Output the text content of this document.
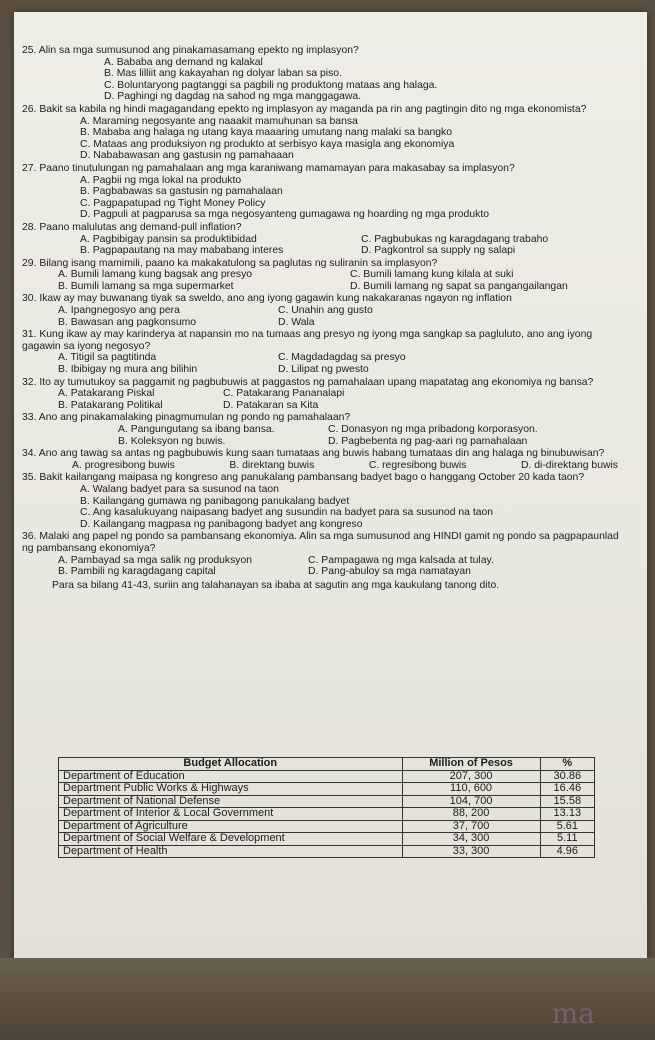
ma
25. Alin sa mga sumusunod ang pinakamasamang epekto ng implasyon?
A. Bababa ang demand ng kalakal
B. Mas lilliit ang kakayahan ng dolyar laban sa piso.
C. Boluntaryong pagtanggi sa pagbili ng produktong mataas ang halaga.
D. Paghingi ng dagdag na sahod ng mga manggagawa.
26. Bakit sa kabila ng hindi magagandang epekto ng implasyon ay maganda pa rin ang pagtingin dito ng mga ekonomista?
A. Maraming negosyante ang naaakit mamuhunan sa bansa
B. Mababa ang halaga ng utang kaya maaaring umutang nang malaki sa bangko
C. Mataas ang produksiyon ng produkto at serbisyo kaya masigla ang ekonomiya
D. Nababawasan ang gastusin ng pamahaaan
27. Paano tinutulungan ng pamahalaan ang mga karaniwang mamamayan para makasabay sa implasyon?
A. Pagbii ng mga lokal na produkto
B. Pagbabawas sa gastusin ng pamahalaan
C. Pagpapatupad ng Tight Money Policy
D. Pagpuli at pagparusa sa mga negosyanteng gumagawa ng hoarding ng mga produkto
28. Paano malulutas ang demand-pull inflation?
A. Pagbibigay pansin sa produktibidad	C. Pagbubukas ng karagdagang trabaho
B. Pagpapautang na may mababang interes	D. Pagkontrol sa supply ng salapi
29. Bilang isang mamimili, paano ka makakatulong sa paglutas ng suliranin sa implasyon?
A. Bumili lamang kung bagsak ang presyo	C. Bumili lamang kung kilala at suki
B. Bumili lamang sa mga supermarket	D. Bumili lamang ng sapat sa pangangailangan
30. Ikaw ay may buwanang tiyak sa sweldo, ano ang iyong gagawin kung nakakaranas ngayon ng inflation
A. Ipangnegosyo ang pera	C. Unahin ang gusto
B. Bawasan ang pagkonsumo	D. Wala
31. Kung ikaw ay may karinderya at napansin mo na tumaas ang presyo ng iyong mga sangkap sa pagluluto, ano ang iyong gagawin sa iyong negosyo?
A. Titigil sa pagtitinda	C. Magdadagdag sa presyo
B. Ibibigay ng mura ang bilihin	D. Lilipat ng pwesto
32. Ito ay tumutukoy sa paggamit ng pagbubuwis at paggastos ng pamahalaan upang mapatatag ang ekonomiya ng bansa?
A. Patakarang Piskal	C. Patakarang Pananalapi
B. Patakarang Politikal	D. Patakaran sa Kita
33. Ano ang pinakamalaking pinagmumulan ng pondo ng pamahalaan?
A. Pangungutang sa ibang bansa.	C. Donasyon ng mga pribadong korporasyon.
B. Koleksyon ng buwis.	D. Pagbebenta ng pag-aari ng pamahalaan
34. Ano ang tawag sa antas ng pagbubuwis kung saan tumataas ang buwis habang tumataas din ang halaga ng binubuwisan?
A. progresibong buwis	B. direktang buwis	C. regresibong buwis	D. di-direktang buwis
35. Bakit kailangang maipasa ng kongreso ang panukalang pambansang badyet bago o hanggang October 20 kada taon?
A. Walang badyet para sa susunod na taon
B. Kailangang gumawa ng panibagong panukalang badyet
C. Ang kasalukuyang naipasang badyet ang susundin na badyet para sa susunod na taon
D. Kailangang magpasa ng panibagong badyet ang kongreso
36. Malaki ang papel ng pondo sa pambansang ekonomiya. Alin sa mga sumusunod ang HINDI gamit ng pondo sa pagpapaunlad ng pambansang ekonomiya?
A. Pambayad sa mga salik ng produksyon	C. Pampagawa ng mga kalsada at tulay.
B. Pambili ng karagdagang capital	D. Pang-abuloy sa mga namatayan
Para sa bilang 41-43, suriin ang talahanayan sa ibaba at sagutin ang mga kaukulang tanong dito.
Budget Allocation	Million of Pesos	%
Department of Education	207, 300	30.86
Department Public Works & Highways	110, 600	16.46
Department of National Defense	104, 700	15.58
Department of Interior & Local Government	88, 200	13.13
Department of Agriculture	37, 700	5.61
Department of Social Welfare & Development	34, 300	5.11
Department of Health	33, 300	4.96
